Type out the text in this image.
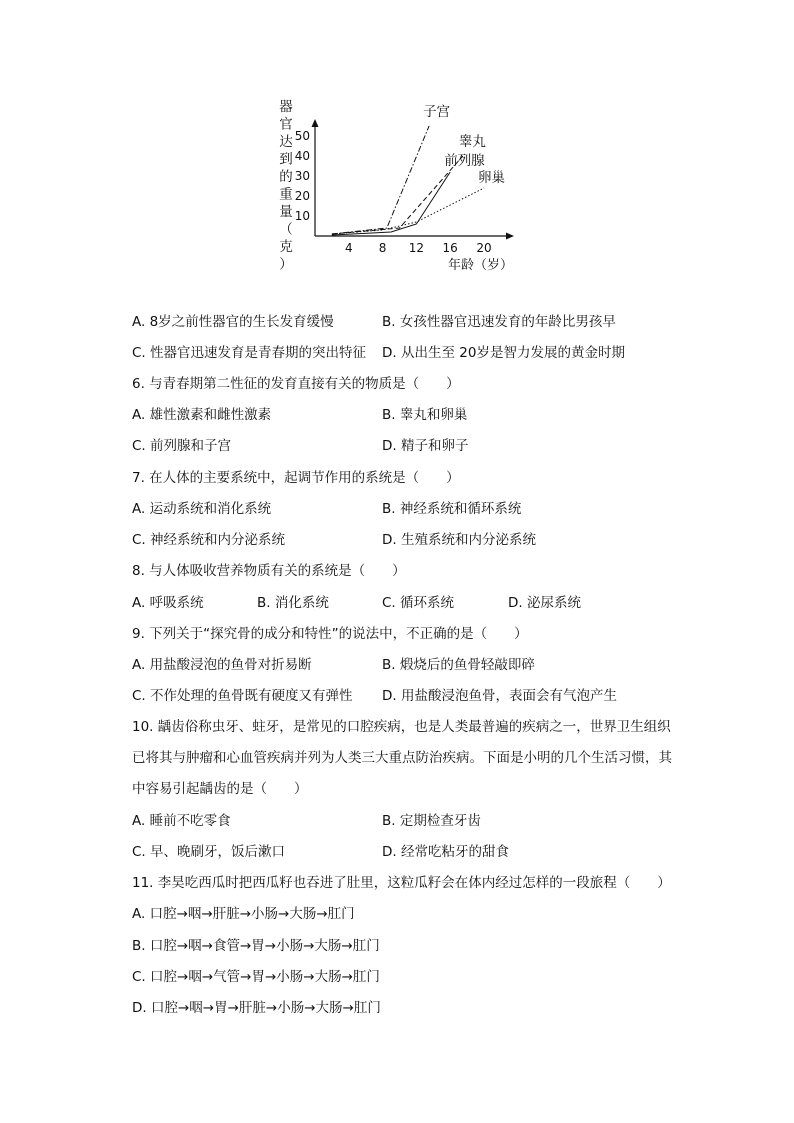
器
官
达
到
的
重
量
（
克
）
4 8 12 16 20
10
20
30
40
50
子宫
睾丸
前列腺
卵巢
年龄（岁）
A. 8岁之前性器官的生长发育缓慢	B. 女孩性器官迅速发育的年龄比男孩早
C. 性器官迅速发育是青春期的突出特征 D. 从出生至 20岁是智力发展的黄金时期
6. 与青春期第二性征的发育直接有关的物质是（　　）
A. 雄性激素和雌性激素	B. 睾丸和卵巢
C. 前列腺和子宫	D. 精子和卵子
7. 在人体的主要系统中，起调节作用的系统是（　　）
A. 运动系统和消化系统	B. 神经系统和循环系统
C. 神经系统和内分泌系统	D. 生殖系统和内分泌系统
8. 与人体吸收营养物质有关的系统是（　　）
A. 呼吸系统	B. 消化系统	C. 循环系统	D. 泌尿系统
9. 下列关于“探究骨的成分和特性”的说法中，不正确的是（　　）
A. 用盐酸浸泡的鱼骨对折易断	B. 煅烧后的鱼骨轻敲即碎
C. 不作处理的鱼骨既有硬度又有弹性 D. 用盐酸浸泡鱼骨，表面会有气泡产生
10. 龋齿俗称虫牙、蛀牙，是常见的口腔疾病，也是人类最普遍的疾病之一，世界卫生组织
已将其与肿瘤和心血管疾病并列为人类三大重点防治疾病。下面是小明的几个生活习惯，其
中容易引起龋齿的是（　　）
A. 睡前不吃零食	B. 定期检查牙齿
C. 早、晚刷牙，饭后漱口	D. 经常吃粘牙的甜食
11. 李昊吃西瓜时把西瓜籽也吞进了肚里，这粒瓜籽会在体内经过怎样的一段旅程（　　）
A. 口腔→咽→肝脏→小肠→大肠→肛门
B. 口腔→咽→食管→胃→小肠→大肠→肛门
C. 口腔→咽→气管→胃→小肠→大肠→肛门
D. 口腔→咽→胃→肝脏→小肠→大肠→肛门
